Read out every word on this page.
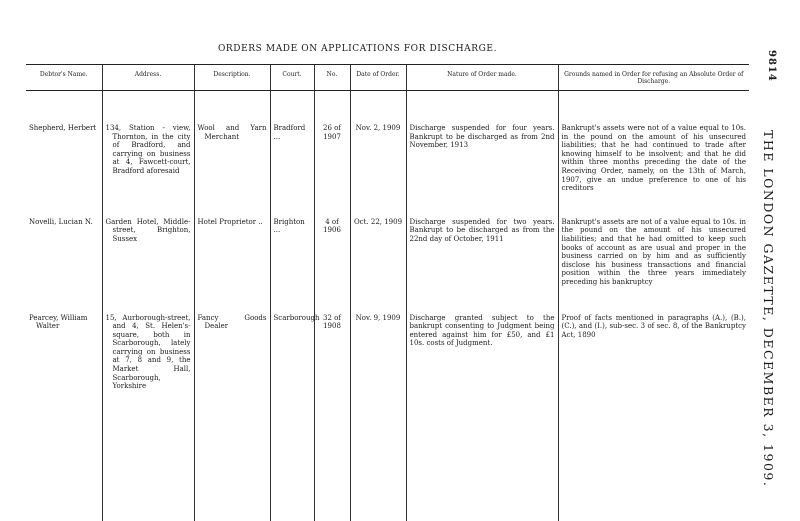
ORDERS MADE ON APPLICATIONS FOR DISCHARGE.
9814
THE LONDON GAZETTE, DECEMBER 3, 1909.
Debtor's Name.	Address.	Description.	Court.	No.	Date of Order.	Nature of Order made.	Grounds named in Order for refusing an Absolute Order of Discharge.
Shepherd, Herbert	134, Station - view, Thornton, in the city of Bradford, and carrying on business at 4, Fawcett-court, Bradford aforesaid	Wool and Yarn Merchant	Bradford ...	26 of 1907	Nov. 2, 1909	Discharge suspended for four years. Bankrupt to be discharged as from 2nd November, 1913	Bankrupt's assets were not of a value equal to 10s. in the pound on the amount of his unsecured liabilities; that he had continued to trade after knowing himself to be insolvent; and that he did within three months preceding the date of the Receiving Order, namely, on the 13th of March, 1907, give an undue preference to one of his creditors
Novelli, Lucian N.	Garden Hotel, Middle-street, Brighton, Sussex	Hotel Proprietor ..	Brighton ...	4 of 1906	Oct. 22, 1909	Discharge suspended for two years. Bankrupt to be discharged as from the 22nd day of October, 1911	Bankrupt's assets are not of a value equal to 10s. in the pound on the amount of his unsecured liabilities; and that he had omitted to keep such books of account as are usual and proper in the business carried on by him and as sufficiently disclose his business transactions and financial position within the three years immediately preceding his bankruptcy
Pearcey, William Walter	15, Aurborough-street, and 4, St. Helen's-square, both in Scarborough, lately carrying on business at 7, 8 and 9, the Market Hall, Scarborough, Yorkshire	Fancy Goods Dealer	Scarborough	32 of 1908	Nov. 9, 1909	Discharge granted subject to the bankrupt consenting to Judgment being entered against him for £50, and £1 10s. costs of Judgment.	Proof of facts mentioned in paragraphs (A.), (B.), (C.), and (I.), sub-sec. 3 of sec. 8, of the Bankruptcy Act, 1890
